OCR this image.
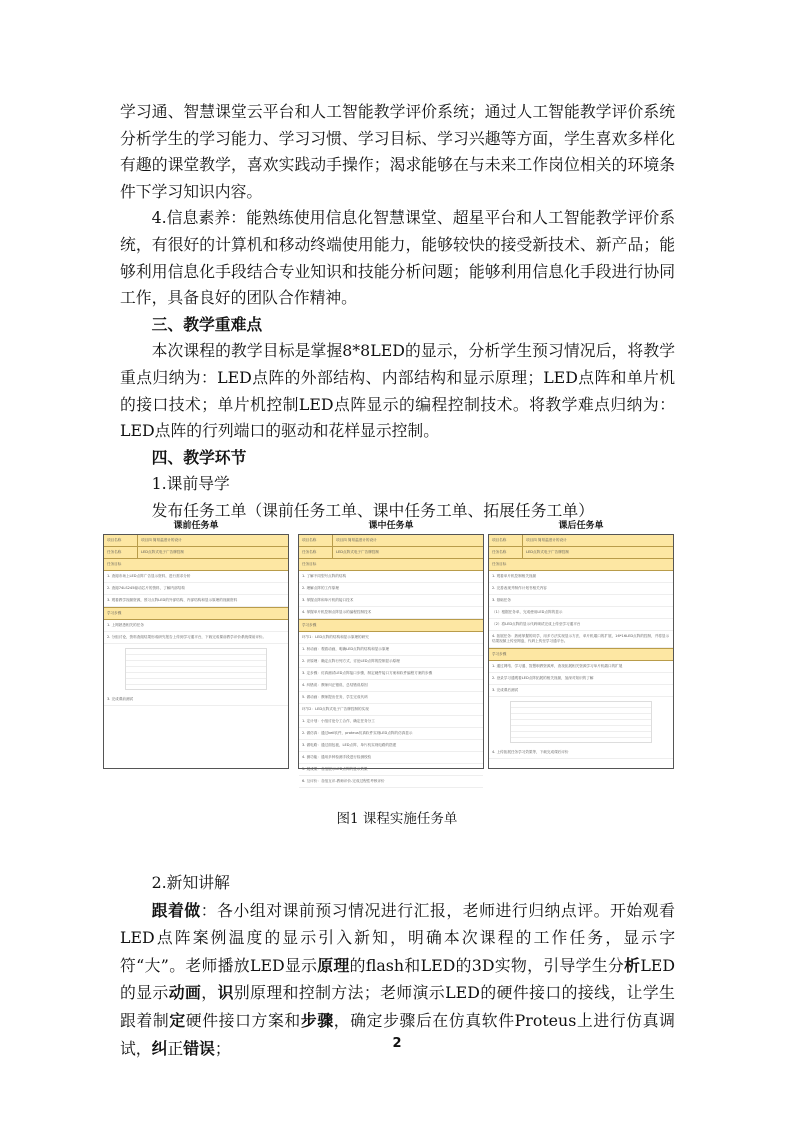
学习通、智慧课堂云平台和人工智能教学评价系统；通过人工智能教学评价系统分析学生的学习能力、学习习惯、学习目标、学习兴趣等方面，学生喜欢多样化有趣的课堂教学，喜欢实践动手操作；渴求能够在与未来工作岗位相关的环境条件下学习知识内容。

4.信息素养：能熟练使用信息化智慧课堂、超星平台和人工智能教学评价系统，有很好的计算机和移动终端使用能力，能够较快的接受新技术、新产品；能够利用信息化手段结合专业知识和技能分析问题；能够利用信息化手段进行协同工作，具备良好的团队合作精神。

三、教学重难点

本次课程的教学目标是掌握8*8LED的显示，分析学生预习情况后，将教学重点归纳为：LED点阵的外部结构、内部结构和显示原理；LED点阵和单片机的接口技术；单片机控制LED点阵显示的编程控制技术。将教学难点归纳为：LED点阵的行列端口的驱动和花样显示控制。

四、教学环节

1.课前导学

发布任务工单（课前任务工单、课中任务工单、拓展任务工单）

课前任务单
项目名称	项目四 简易温度计的设计
任务名称	LED点阵式电子广告牌控制
任务目标
1. 查阅市场上LED点阵广告显示资料，进行需求分析
2. 查阅74LS245驱动芯片的资料，了解内部结构
3. 观看教学视频资源，预习点阵LED的外部结构、内部结构和显示原理的视频资料
学习步骤
1. 上网熟悉相关的任务
2. 分组讨论，资料查阅结果形成研究报告上传到学习通平台，下载完成课前教学评价系统课前评价。
3. 完成课前测试
课中任务单
项目名称	项目四 简易温度计的设计
任务名称	LED点阵式电子广告牌控制
任务目标
1. 了解不同型号点阵的结构
2. 理解点阵的工作原理
3. 掌握点阵和单片机的接口技术
4. 掌握单片机控制点阵显示的编程控制技术
学习步骤
环节1：LED点阵的结构和显示原理的研究
1. 析动画：观看动画，明确LED点阵的结构和显示原理
2. 识原理：确定点阵行列方式，讨论LED点阵的控制显示原理
3. 定步骤：仿真测试LED点阵接口步骤，制定硬件接口方案和软件编程方案的步骤
4. 纠错误：教师纠正错误，总结错误原因
5. 做动画：教师提出任务，学生完成代码
环节2：LED点阵式电子广告牌控制的实现
1. 定计划：小组讨论分工合作，确定任务分工
2. 做仿真：通过keil软件，proteus仿真软件实现LED点阵的仿真显示
3. 做电路：通过面包板，LED点阵，单片机实现电路的搭建
4. 测功能：通用多种检测手段进行检测校验
5. 展成果：各组展示LED点阵的显示效果
6. 互评价：各组互评-教师评价-完成过程性考核评价
课后任务单
项目名称	项目四 简易温度计的设计
任务名称	LED点阵式电子广告牌控制
任务目标
1. 观看单片机控制相关视频
2. 完善表现并制作计划书相关内容
3. 基础任务
（1）根据任务单，完成使用LED点阵的显示
（2）将LED点阵的显示代码调试完成上传至学习通平台
4. 拓展任务：熟练掌握的同学，用多方法实现显示方法，单片机端口的扩展，16*16LED点阵的控制，并将显示结果视频上传至网盘，代码上传至学习通平台。
学习步骤
1. 通过网络、学习通、智慧职教资源库，查找拓展相关资源学习单片机端口的扩展
2. 登录学习通观看LED点阵拓展的相关视频，加深对知识的了解
3. 完成课后测试
4. 上传拓展任务学习效果等，下载完成课后评价
图1 课程实施任务单

2.新知讲解

跟着做：各小组对课前预习情况进行汇报，老师进行归纳点评。开始观看LED点阵案例温度的显示引入新知，明确本次课程的工作任务，显示字符“大”。老师播放LED显示原理的flash和LED的3D实物，引导学生分析LED的显示动画，识别原理和控制方法；老师演示LED的硬件接口的接线，让学生跟着制定硬件接口方案和步骤，确定步骤后在仿真软件Proteus上进行仿真调试，纠正错误；	2
